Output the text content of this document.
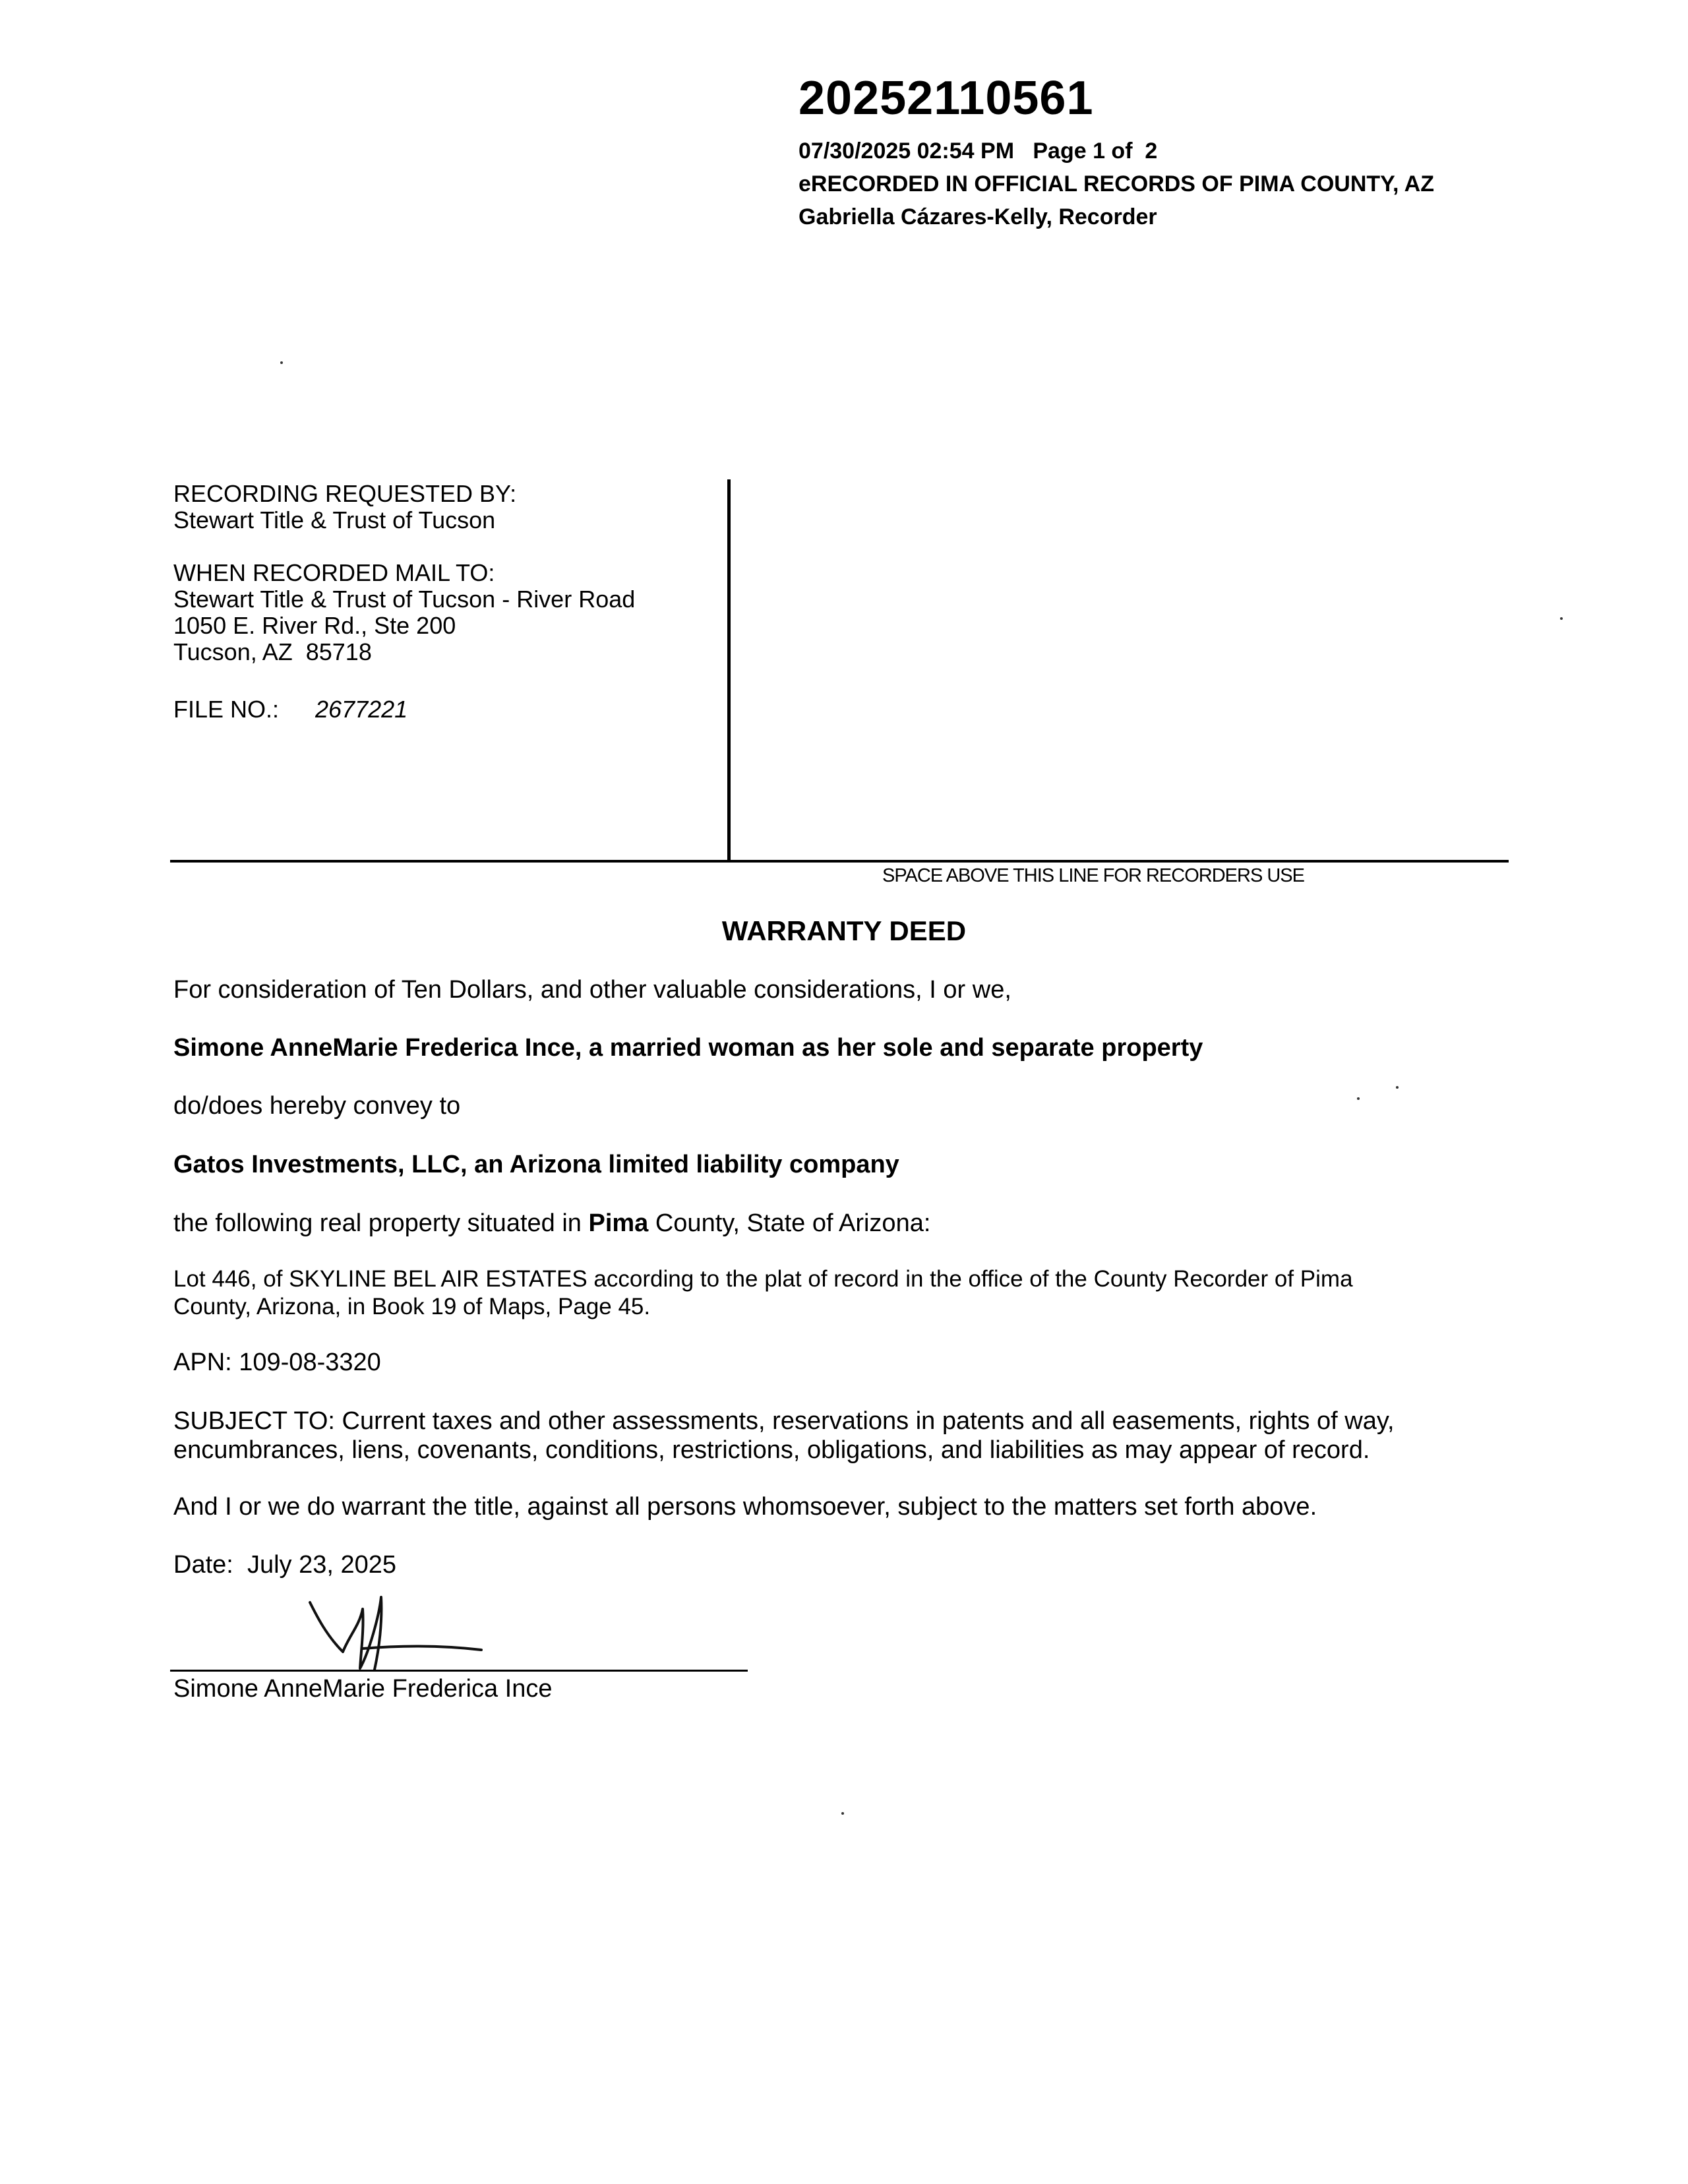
20252110561
07/30/2025 02:54 PM   Page 1 of  2
eRECORDED IN OFFICIAL RECORDS OF PIMA COUNTY, AZ
Gabriella Cázares-Kelly, Recorder
RECORDING REQUESTED BY:
Stewart Title & Trust of Tucson
WHEN RECORDED MAIL TO:
Stewart Title & Trust of Tucson - River Road
1050 E. River Rd., Ste 200
Tucson, AZ  85718
FILE NO.: 2677221
SPACE ABOVE THIS LINE FOR RECORDERS USE
WARRANTY DEED
For consideration of Ten Dollars, and other valuable considerations, I or we,
Simone AnneMarie Frederica Ince, a married woman as her sole and separate property
do/does hereby convey to
Gatos Investments, LLC, an Arizona limited liability company
the following real property situated in Pima County, State of Arizona:
Lot 446, of SKYLINE BEL AIR ESTATES according to the plat of record in the office of the County Recorder of Pima
County, Arizona, in Book 19 of Maps, Page 45.
APN: 109-08-3320
SUBJECT TO: Current taxes and other assessments, reservations in patents and all easements, rights of way,
encumbrances, liens, covenants, conditions, restrictions, obligations, and liabilities as may appear of record.
And I or we do warrant the title, against all persons whomsoever, subject to the matters set forth above.
Date:  July 23, 2025
Simone AnneMarie Frederica Ince
